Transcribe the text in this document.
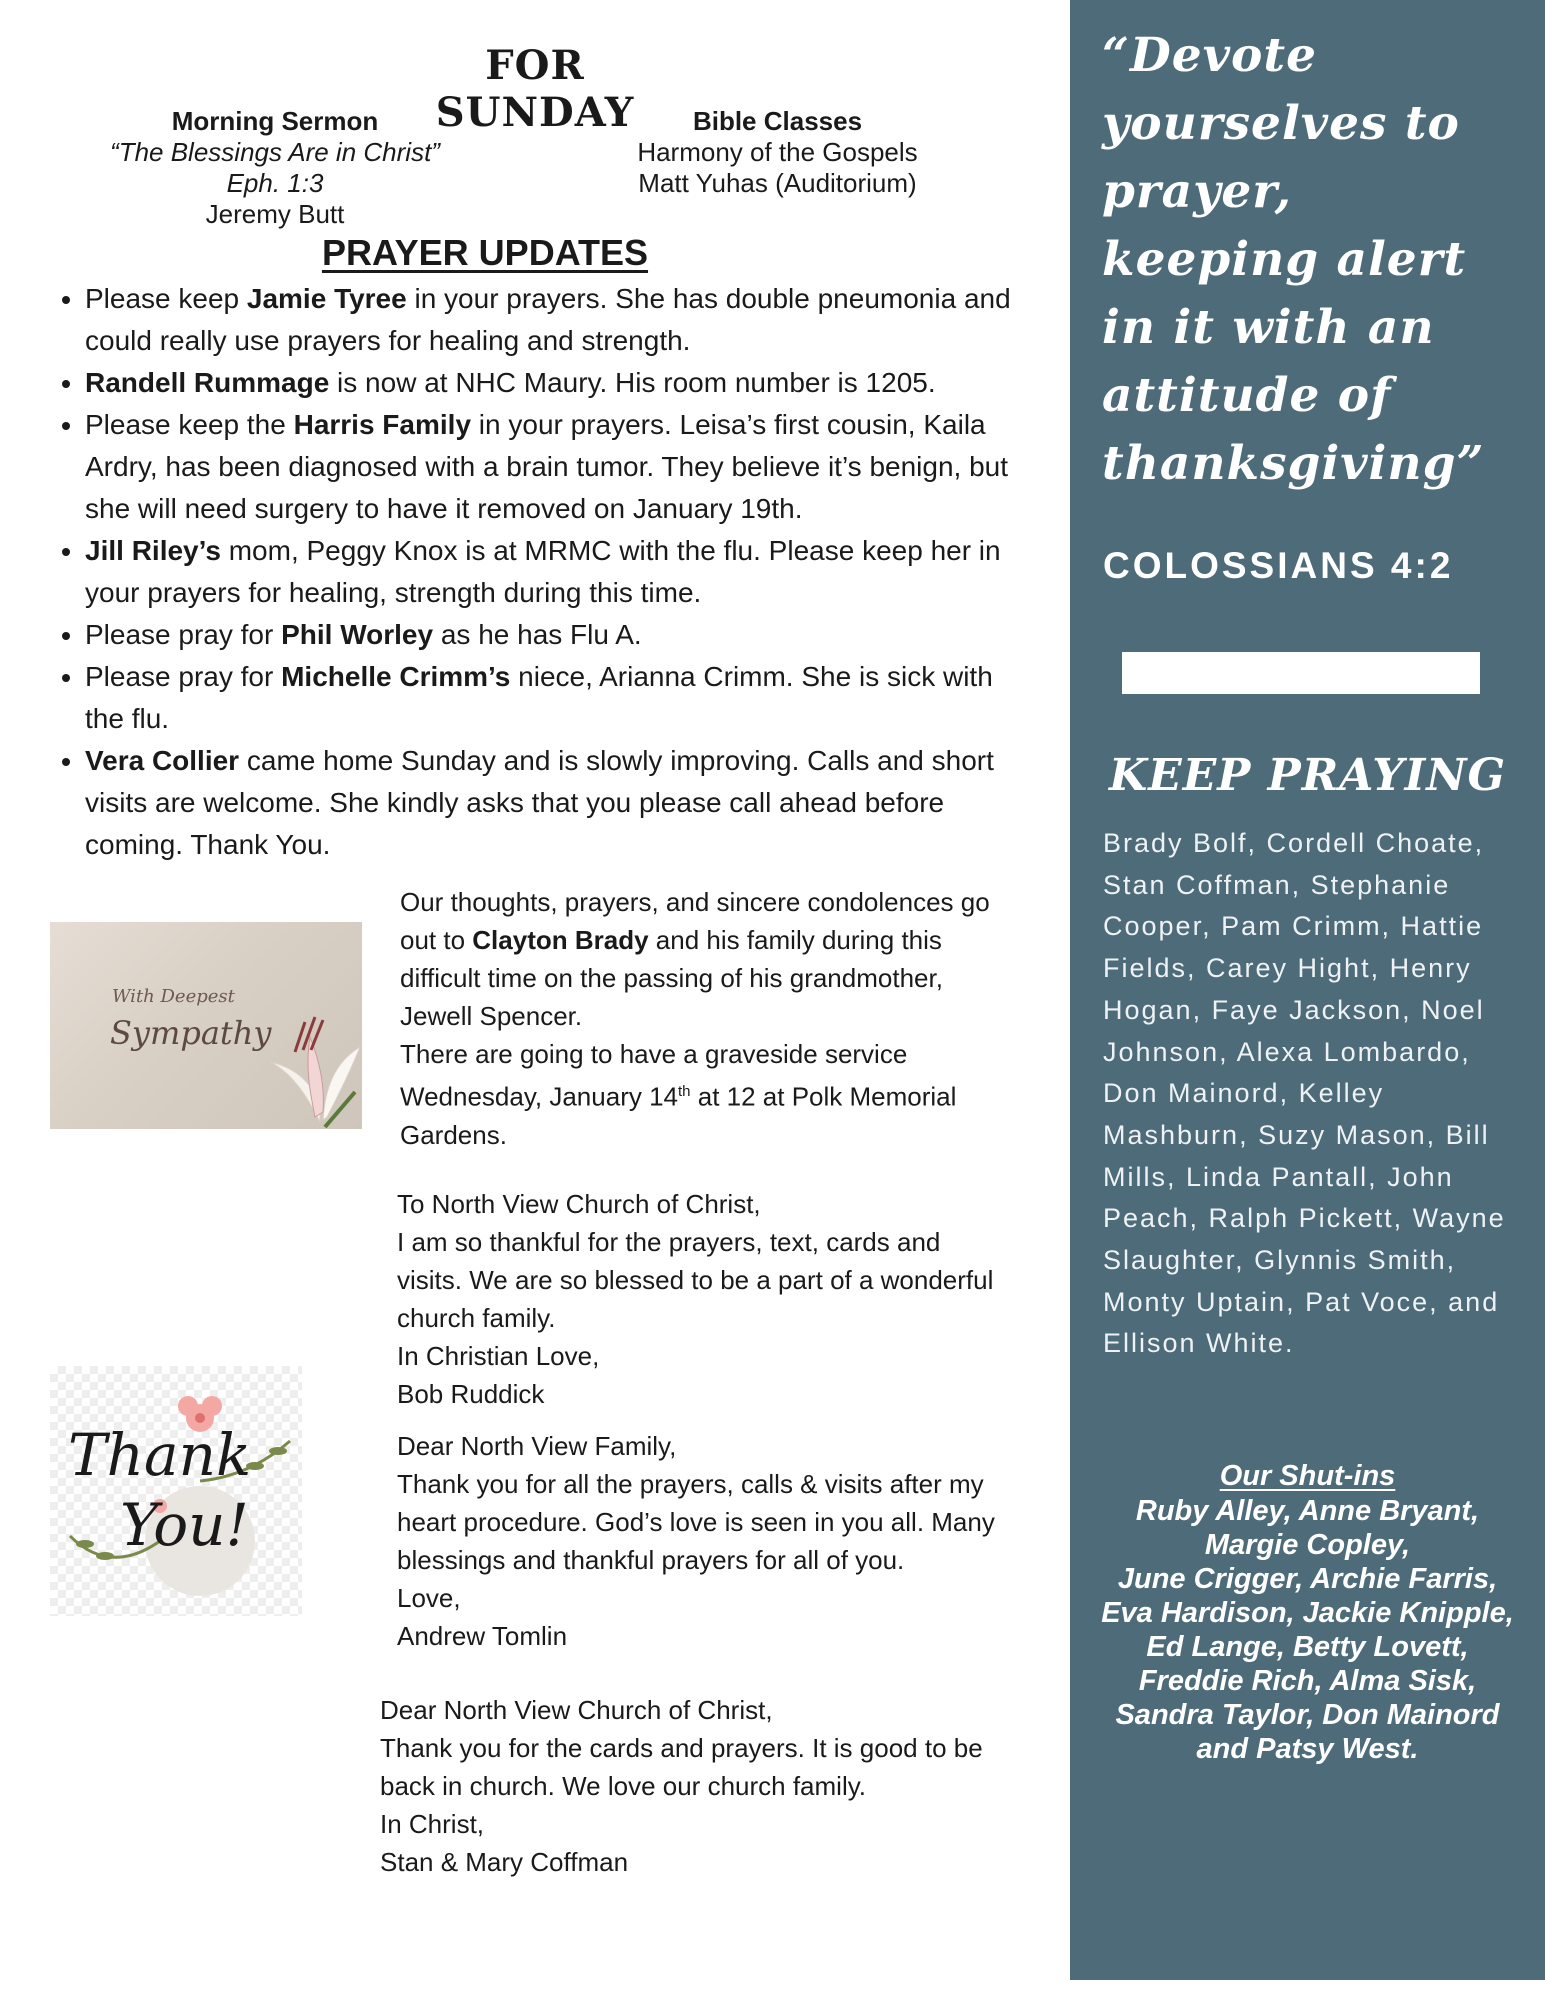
FOR SUNDAY
Morning Sermon
“The Blessings Are in Christ”
Eph. 1:3
Jeremy Butt
Bible Classes
Harmony of the Gospels
Matt Yuhas (Auditorium)
PRAYER UPDATES
• Please keep Jamie Tyree in your prayers. She has double pneumonia and could really use prayers for healing and strength.
• Randell Rummage is now at NHC Maury. His room number is 1205.
• Please keep the Harris Family in your prayers. Leisa’s first cousin, Kaila Ardry, has been diagnosed with a brain tumor. They believe it’s benign, but she will need surgery to have it removed on January 19th.
• Jill Riley’s mom, Peggy Knox is at MRMC with the flu. Please keep her in your prayers for healing, strength during this time.
• Please pray for Phil Worley as he has Flu A.
• Please pray for Michelle Crimm’s niece, Arianna Crimm. She is sick with the flu.
• Vera Collier came home Sunday and is slowly improving. Calls and short visits are welcome. She kindly asks that you please call ahead before coming. Thank You.
With Deepest
Sympathy
Our thoughts, prayers, and sincere condolences go out to Clayton Brady and his family during this difficult time on the passing of his grandmother, Jewell Spencer.
There are going to have a graveside service Wednesday, January 14th at 12 at Polk Memorial Gardens.
To North View Church of Christ,
I am so thankful for the prayers, text, cards and visits. We are so blessed to be a part of a wonderful church family.
In Christian Love,
Bob Ruddick
Thank
You!
Dear North View Family,
Thank you for all the prayers, calls & visits after my heart procedure. God’s love is seen in you all. Many blessings and thankful prayers for all of you.
Love,
Andrew Tomlin
Dear North View Church of Christ,
Thank you for the cards and prayers. It is good to be back in church. We love our church family.
In Christ,
Stan & Mary Coffman
“Devote yourselves to prayer, keeping alert in it with an attitude of thanksgiving”
COLOSSIANS 4:2
KEEP PRAYING
Brady Bolf, Cordell Choate, Stan Coffman, Stephanie Cooper, Pam Crimm, Hattie Fields, Carey Hight, Henry Hogan, Faye Jackson, Noel Johnson, Alexa Lombardo, Don Mainord, Kelley Mashburn, Suzy Mason, Bill Mills, Linda Pantall, John Peach, Ralph Pickett, Wayne Slaughter, Glynnis Smith, Monty Uptain, Pat Voce, and Ellison White.
Our Shut-ins
Ruby Alley, Anne Bryant,
Margie Copley,
June Crigger, Archie Farris,
Eva Hardison, Jackie Knipple,
Ed Lange, Betty Lovett,
Freddie Rich, Alma Sisk,
Sandra Taylor, Don Mainord
and Patsy West.
